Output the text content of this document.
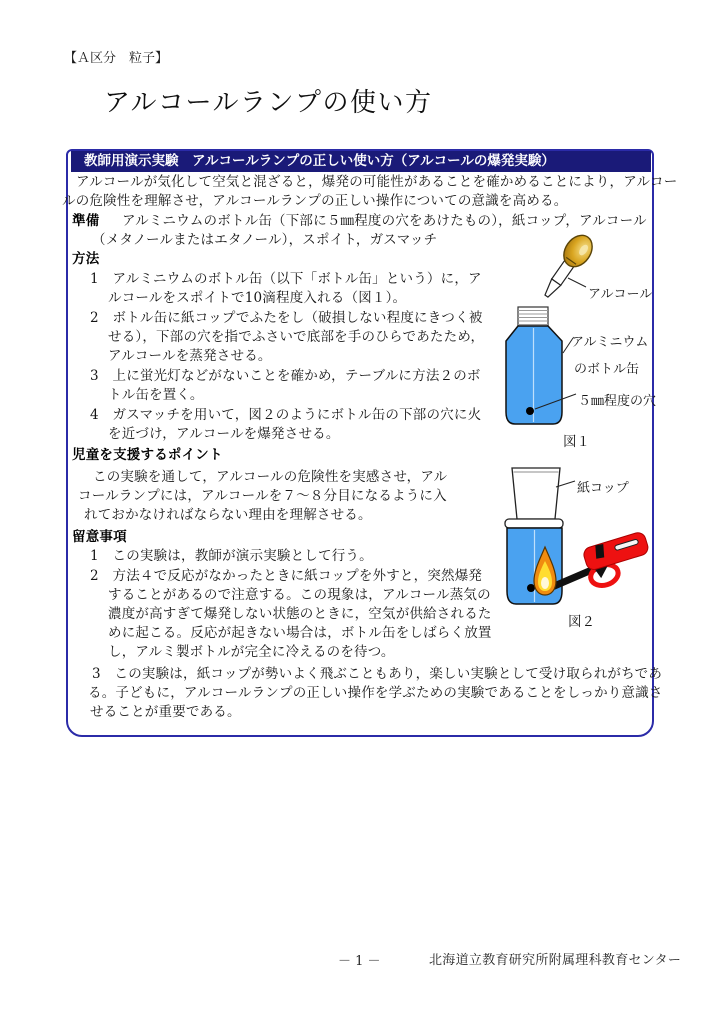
【Ａ区分　粒子】
アルコールランプの使い方
教師用演示実験　アルコールランプの正しい使い方（アルコールの爆発実験）
アルコールが気化して空気と混ざると，爆発の可能性があることを確かめることにより，アルコー
ルの危険性を理解させ，アルコールランプの正しい操作についての意識を高める。
準備 アルミニウムのボトル缶（下部に５㎜程度の穴をあけたもの），紙コップ，アルコール
（メタノールまたはエタノール），スポイト，ガスマッチ
方法
1　アルミニウムのボトル缶（以下「ボトル缶」という）に，ア
ルコールをスポイトで10滴程度入れる（図１）。
2　ボトル缶に紙コップでふたをし（破損しない程度にきつく被
せる），下部の穴を指でふさいで底部を手のひらであたため，
アルコールを蒸発させる。
3　上に蛍光灯などがないことを確かめ，テーブルに方法２のボ
トル缶を置く。
4　ガスマッチを用いて，図２のようにボトル缶の下部の穴に火
を近づけ，アルコールを爆発させる。
児童を支援するポイント
この実験を通して，アルコールの危険性を実感させ，アル
コールランプには，アルコールを７～８分目になるように入
れておかなければならない理由を理解させる。
留意事項
1　この実験は，教師が演示実験として行う。
2　方法４で反応がなかったときに紙コップを外すと，突然爆発
することがあるので注意する。この現象は，アルコール蒸気の
濃度が高すぎて爆発しない状態のときに，空気が供給されるた
めに起こる。反応が起きない場合は，ボトル缶をしばらく放置
し，アルミ製ボトルが完全に冷えるのを待つ。
3　この実験は，紙コップが勢いよく飛ぶこともあり，楽しい実験として受け取られがちであ
る。子どもに，アルコールランプの正しい操作を学ぶための実験であることをしっかり意識さ
せることが重要である。
アルコール
アルミニウム
のボトル缶
５㎜程度の穴
図１
紙コップ
図２
－ 1 －	北海道立教育研究所附属理科教育センター
